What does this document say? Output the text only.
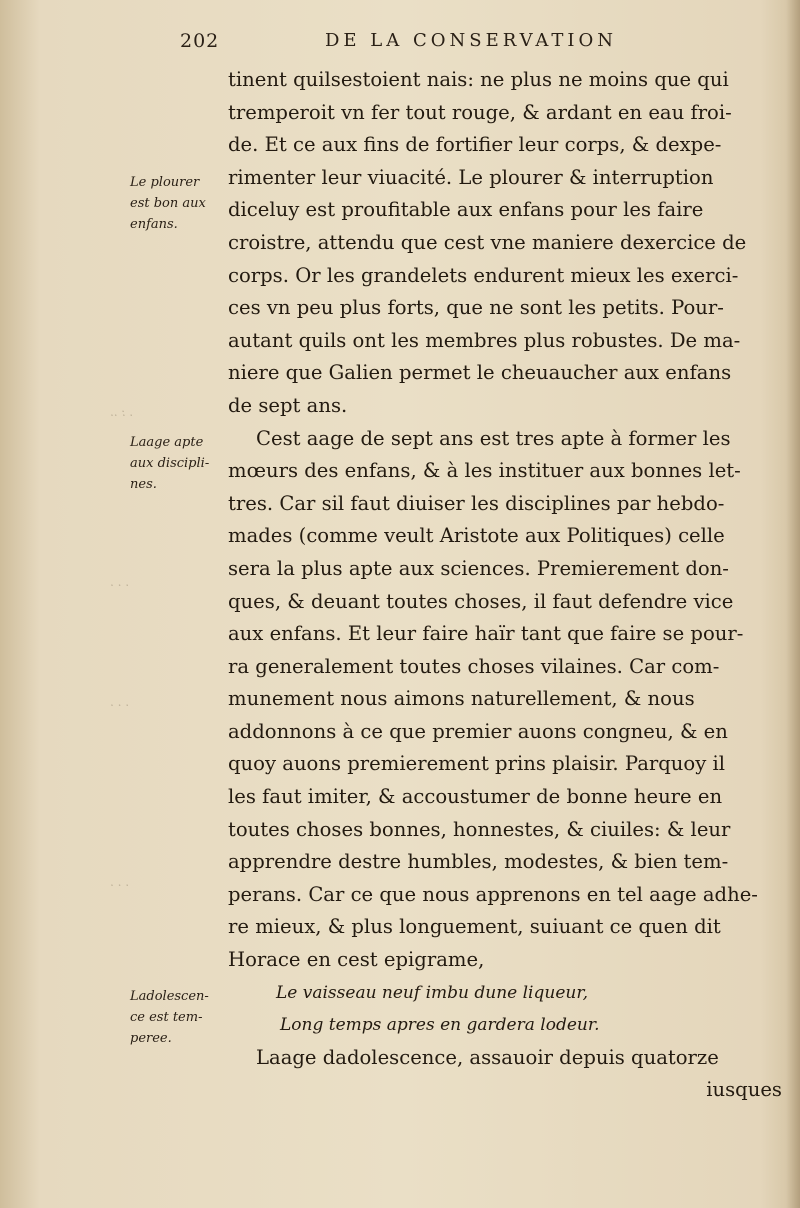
202	DE LA CONSERVATION
. : ..
. . .
. . .
. . .
Le plourer
est bon aux
enfans.
Laage apte
aux discipli-
nes.
Ladolescen-
ce est tem-
peree.
tinent quilsestoient nais: ne plus ne moins que qui
tremperoit vn fer tout rouge, & ardant en eau froi-
de. Et ce aux fins de fortifier leur corps, & dexpe-
rimenter leur viuacité. Le plourer & interruption
diceluy est proufitable aux enfans pour les faire
croistre, attendu que cest vne maniere dexercice de
corps. Or les grandelets endurent mieux les exerci-
ces vn peu plus forts, que ne sont les petits. Pour-
autant quils ont les membres plus robustes. De ma-
niere que Galien permet le cheuaucher aux enfans
de sept ans.
Cest aage de sept ans est tres apte à former les
mœurs des enfans, & à les instituer aux bonnes let-
tres. Car sil faut diuiser les disciplines par hebdo-
mades (comme veult Aristote aux Politiques) celle
sera la plus apte aux sciences. Premierement don-
ques, & deuant toutes choses, il faut defendre vice
aux enfans. Et leur faire haïr tant que faire se pour-
ra generalement toutes choses vilaines. Car com-
munement nous aimons naturellement, & nous
addonnons à ce que premier auons congneu, & en
quoy auons premierement prins plaisir. Parquoy il
les faut imiter, & accoustumer de bonne heure en
toutes choses bonnes, honnestes, & ciuiles: & leur
apprendre destre humbles, modestes, & bien tem-
perans. Car ce que nous apprenons en tel aage adhe-
re mieux, & plus longuement, suiuant ce quen dit
Horace en cest epigrame,
Le vaisseau neuf imbu dune liqueur,
Long temps apres en gardera lodeur.
Laage dadolescence, assauoir depuis quatorze
iusques
